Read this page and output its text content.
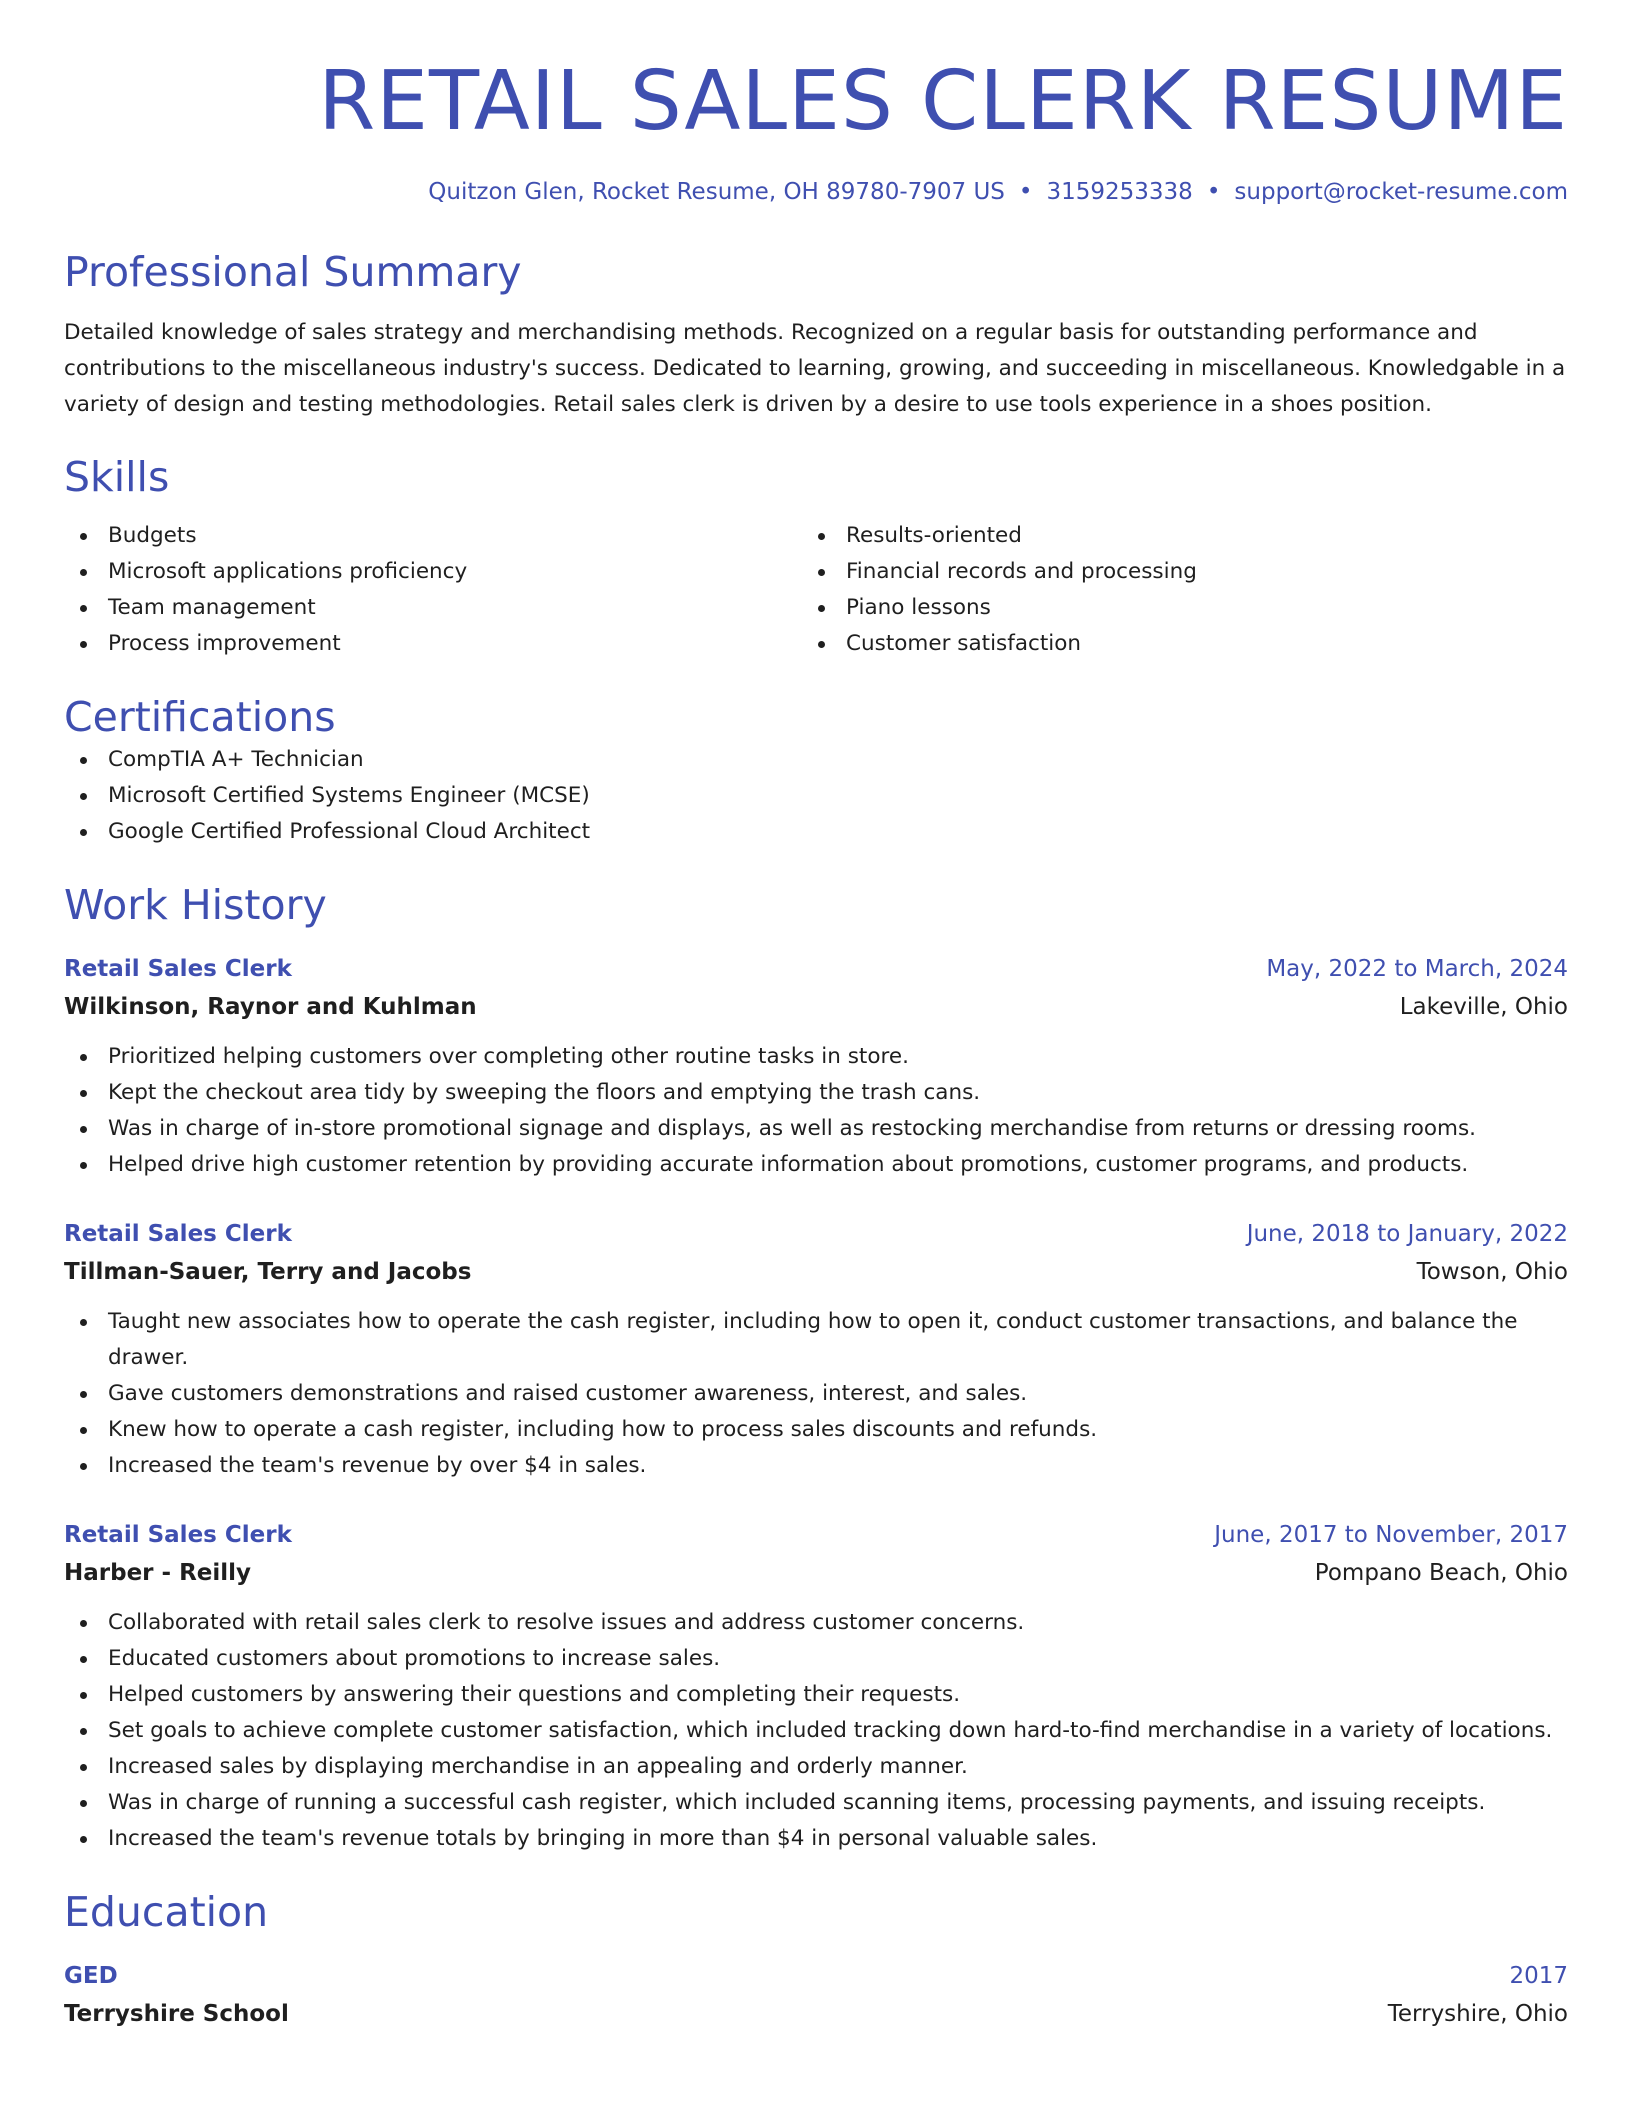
RETAIL SALES CLERK RESUME
Quitzon Glen, Rocket Resume, OH 89780-7907 US • 3159253338 • support@rocket-resume.com
Professional Summary
Detailed knowledge of sales strategy and merchandising methods. Recognized on a regular basis for outstanding performance and contributions to the miscellaneous industry's success. Dedicated to learning, growing, and succeeding in miscellaneous. Knowledgable in a variety of design and testing methodologies. Retail sales clerk is driven by a desire to use tools experience in a shoes position.
Skills
Budgets
Microsoft applications proficiency
Team management
Process improvement
Results-oriented
Financial records and processing
Piano lessons
Customer satisfaction
Certifications
CompTIA A+ Technician
Microsoft Certified Systems Engineer (MCSE)
Google Certified Professional Cloud Architect
Work History
Retail Sales Clerk	May, 2022 to March, 2024
Wilkinson, Raynor and Kuhlman	Lakeville, Ohio
Prioritized helping customers over completing other routine tasks in store.
Kept the checkout area tidy by sweeping the floors and emptying the trash cans.
Was in charge of in-store promotional signage and displays, as well as restocking merchandise from returns or dressing rooms.
Helped drive high customer retention by providing accurate information about promotions, customer programs, and products.
Retail Sales Clerk	June, 2018 to January, 2022
Tillman-Sauer, Terry and Jacobs	Towson, Ohio
Taught new associates how to operate the cash register, including how to open it, conduct customer transactions, and balance the drawer.
Gave customers demonstrations and raised customer awareness, interest, and sales.
Knew how to operate a cash register, including how to process sales discounts and refunds.
Increased the team's revenue by over $4 in sales.
Retail Sales Clerk	June, 2017 to November, 2017
Harber - Reilly	Pompano Beach, Ohio
Collaborated with retail sales clerk to resolve issues and address customer concerns.
Educated customers about promotions to increase sales.
Helped customers by answering their questions and completing their requests.
Set goals to achieve complete customer satisfaction, which included tracking down hard-to-find merchandise in a variety of locations.
Increased sales by displaying merchandise in an appealing and orderly manner.
Was in charge of running a successful cash register, which included scanning items, processing payments, and issuing receipts.
Increased the team's revenue totals by bringing in more than $4 in personal valuable sales.
Education
GED	2017
Terryshire School	Terryshire, Ohio
